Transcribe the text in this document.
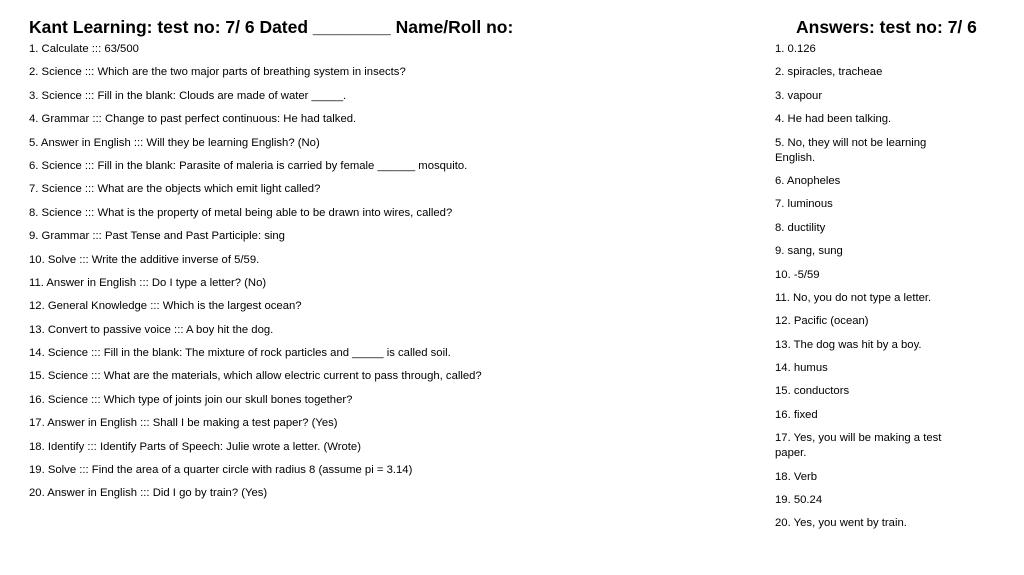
Kant Learning: test no: 7/ 6 Dated ________ Name/Roll no:
1. Calculate ::: 63/500
2. Science ::: Which are the two major parts of breathing system in insects?
3. Science ::: Fill in the blank: Clouds are made of water _____.
4. Grammar ::: Change to past perfect continuous: He had talked.
5. Answer in English ::: Will they be learning English? (No)
6. Science ::: Fill in the blank: Parasite of maleria is carried by female ______ mosquito.
7. Science ::: What are the objects which emit light called?
8. Science ::: What is the property of metal being able to be drawn into wires, called?
9. Grammar ::: Past Tense and Past Participle: sing
10. Solve ::: Write the additive inverse of 5/59.
11. Answer in English ::: Do I type a letter? (No)
12. General Knowledge ::: Which is the largest ocean?
13. Convert to passive voice ::: A boy hit the dog.
14. Science ::: Fill in the blank: The mixture of rock particles and _____ is called soil.
15. Science ::: What are the materials, which allow electric current to pass through, called?
16. Science ::: Which type of joints join our skull bones together?
17. Answer in English ::: Shall I be making a test paper? (Yes)
18. Identify ::: Identify Parts of Speech: Julie wrote a letter. (Wrote)
19. Solve ::: Find the area of a quarter circle with radius 8 (assume pi = 3.14)
20. Answer in English ::: Did I go by train? (Yes)
Answers: test no: 7/ 6
1. 0.126
2. spiracles, tracheae
3. vapour
4. He had been talking.
5. No, they will not be learning English.
6. Anopheles
7. luminous
8. ductility
9. sang, sung
10. -5/59
11. No, you do not type a letter.
12. Pacific (ocean)
13. The dog was hit by a boy.
14. humus
15. conductors
16. fixed
17. Yes, you will be making a test paper.
18. Verb
19. 50.24
20. Yes, you went by train.
